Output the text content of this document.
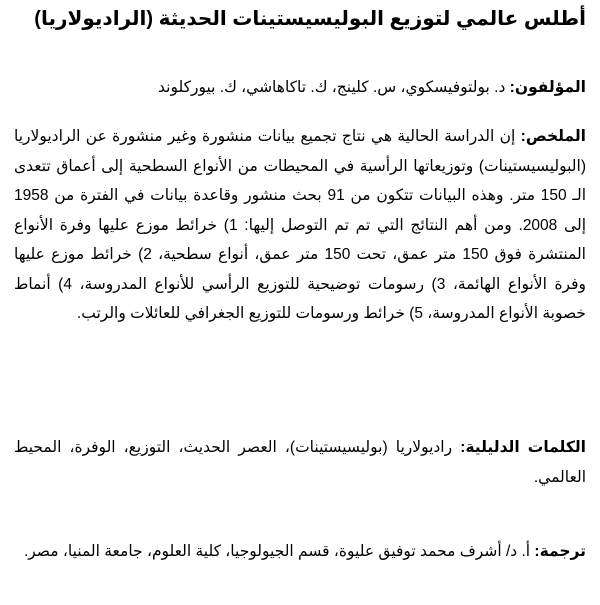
أطلس عالمي لتوزيع البوليسيستينات الحديثة (الراديولاريا)

المؤلفون: د. بولتوفيسكوي، س. كلينج، ك. تاكاهاشي، ك. بيوركلوند

الملخص: إن الدراسة الحالية هي نتاج تجميع بيانات منشورة وغير منشورة عن الراديولاريا (البوليسيستينات) وتوزيعاتها الرأسية في المحيطات من الأنواع السطحية إلى أعماق تتعدى الـ 150 متر. وهذه البيانات تتكون من 91 بحث منشور وقاعدة بيانات في الفترة من 1958 إلى 2008. ومن أهم النتائج التي تم تم التوصل إليها: 1) خرائط موزع عليها وفرة الأنواع المنتشرة فوق 150 متر عمق، تحت 150 متر عمق، أنواع سطحية، 2) خرائط موزع عليها وفرة الأنواع الهائمة، 3) رسومات توضيحية للتوزيع الرأسي للأنواع المدروسة، 4) أنماط خصوبة الأنواع المدروسة، 5) خرائط ورسومات للتوزيع الجغرافي للعائلات والرتب.

الكلمات الدليلية: راديولاريا (بوليسيستينات)، العصر الحديث، التوزيع، الوفرة، المحيط العالمي.

ترجمة: أ. د/ أشرف محمد توفيق عليوة، قسم الجيولوجيا، كلية العلوم، جامعة المنيا، مصر.
